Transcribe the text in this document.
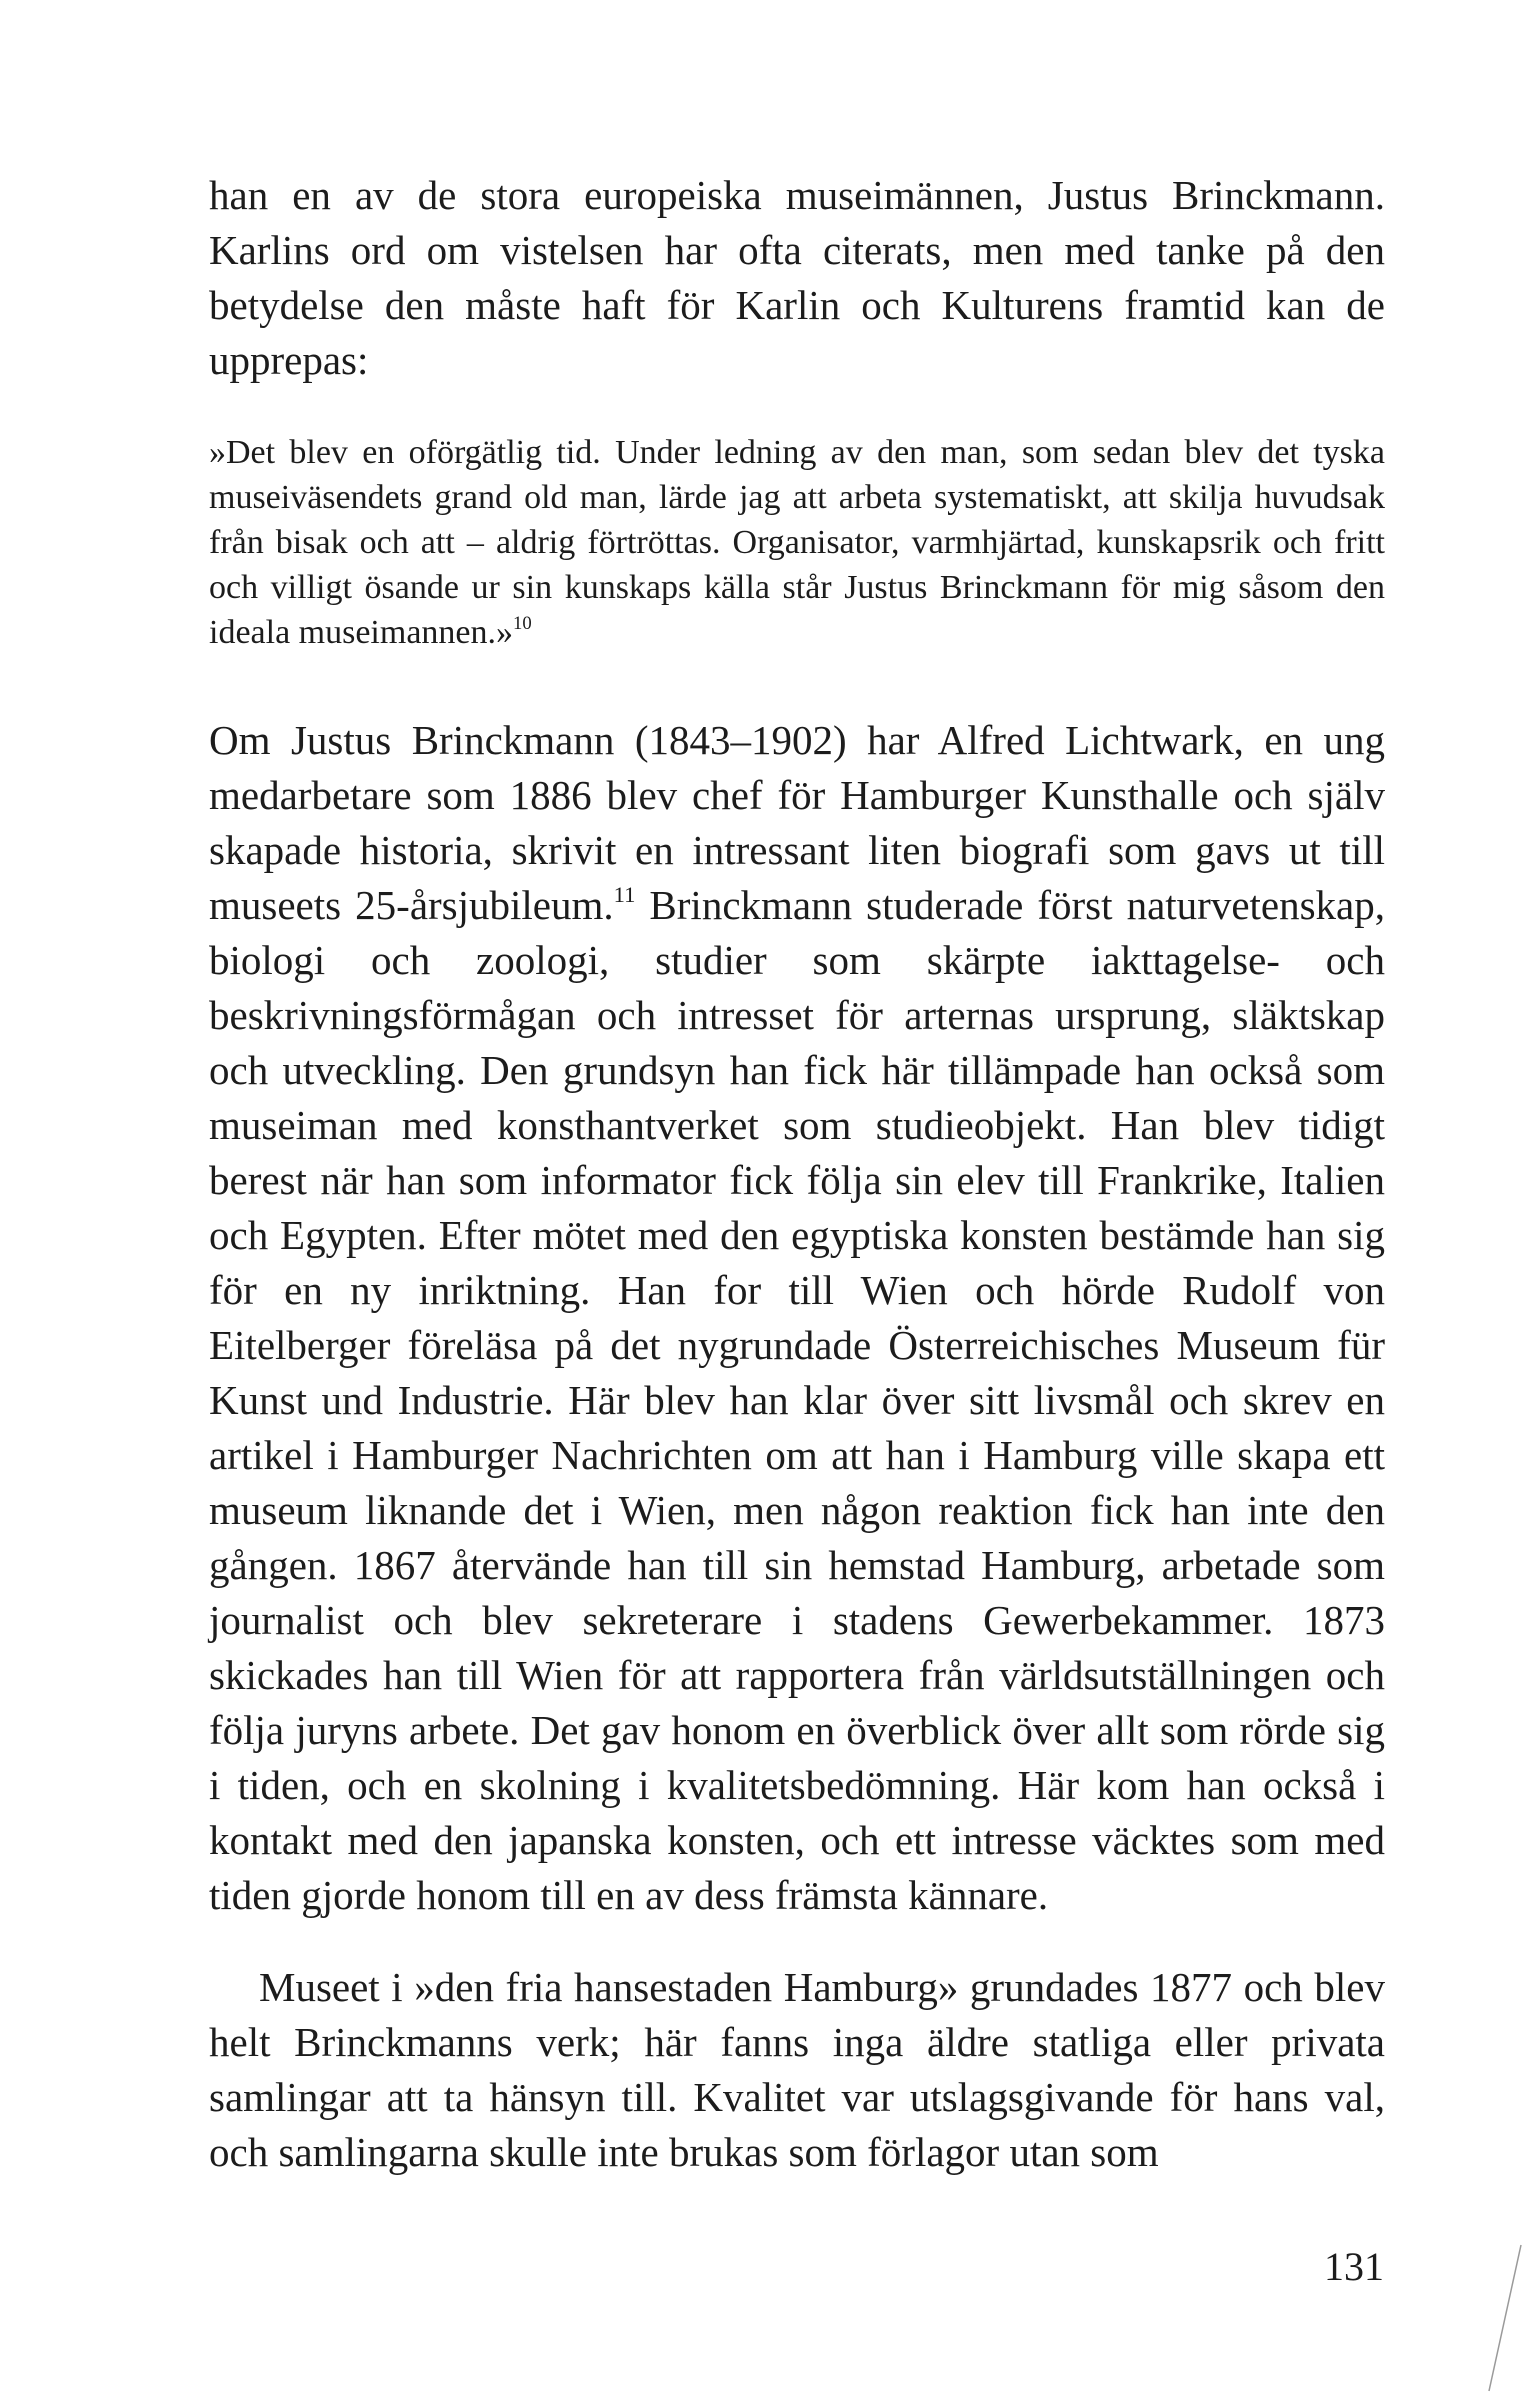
han en av de stora europeiska museimännen, Justus Brinckmann. Karlins ord om vistelsen har ofta citerats, men med tanke på den betydelse den måste haft för Karlin och Kulturens framtid kan de upprepas:

»Det blev en oförgätlig tid. Under ledning av den man, som sedan blev det tyska museiväsendets grand old man, lärde jag att arbeta systematiskt, att skilja huvudsak från bisak och att – aldrig förtröttas. Organisator, varmhjärtad, kunskapsrik och fritt och villigt ösande ur sin kunskaps källa står Justus Brinckmann för mig såsom den ideala museimannen.»$^{10}$

Om Justus Brinckmann (1843–1902) har Alfred Lichtwark, en ung medarbetare som 1886 blev chef för Hamburger Kunsthalle och själv skapade historia, skrivit en intressant liten biografi som gavs ut till museets 25-årsjubileum.$^{11}$ Brinckmann studerade först naturvetenskap, biologi och zoologi, studier som skärpte iakttagelse- och beskrivningsförmågan och intresset för arternas ursprung, släktskap och utveckling. Den grundsyn han fick här tillämpade han också som museiman med konsthantverket som studieobjekt. Han blev tidigt berest när han som informator fick följa sin elev till Frankrike, Italien och Egypten. Efter mötet med den egyptiska konsten bestämde han sig för en ny inriktning. Han for till Wien och hörde Rudolf von Eitelberger föreläsa på det nygrundade Österreichisches Museum für Kunst und Industrie. Här blev han klar över sitt livsmål och skrev en artikel i Hamburger Nachrichten om att han i Hamburg ville skapa ett museum liknande det i Wien, men någon reaktion fick han inte den gången. 1867 återvände han till sin hemstad Hamburg, arbetade som journalist och blev sekreterare i stadens Gewerbekammer. 1873 skickades han till Wien för att rapportera från världsutställningen och följa juryns arbete. Det gav honom en överblick över allt som rörde sig i tiden, och en skolning i kvalitetsbedömning. Här kom han också i kontakt med den japanska konsten, och ett intresse väcktes som med tiden gjorde honom till en av dess främsta kännare.

Museet i »den fria hansestaden Hamburg» grundades 1877 och blev helt Brinckmanns verk; här fanns inga äldre statliga eller privata samlingar att ta hänsyn till. Kvalitet var utslagsgivande för hans val, och samlingarna skulle inte brukas som förlagor utan som

131
